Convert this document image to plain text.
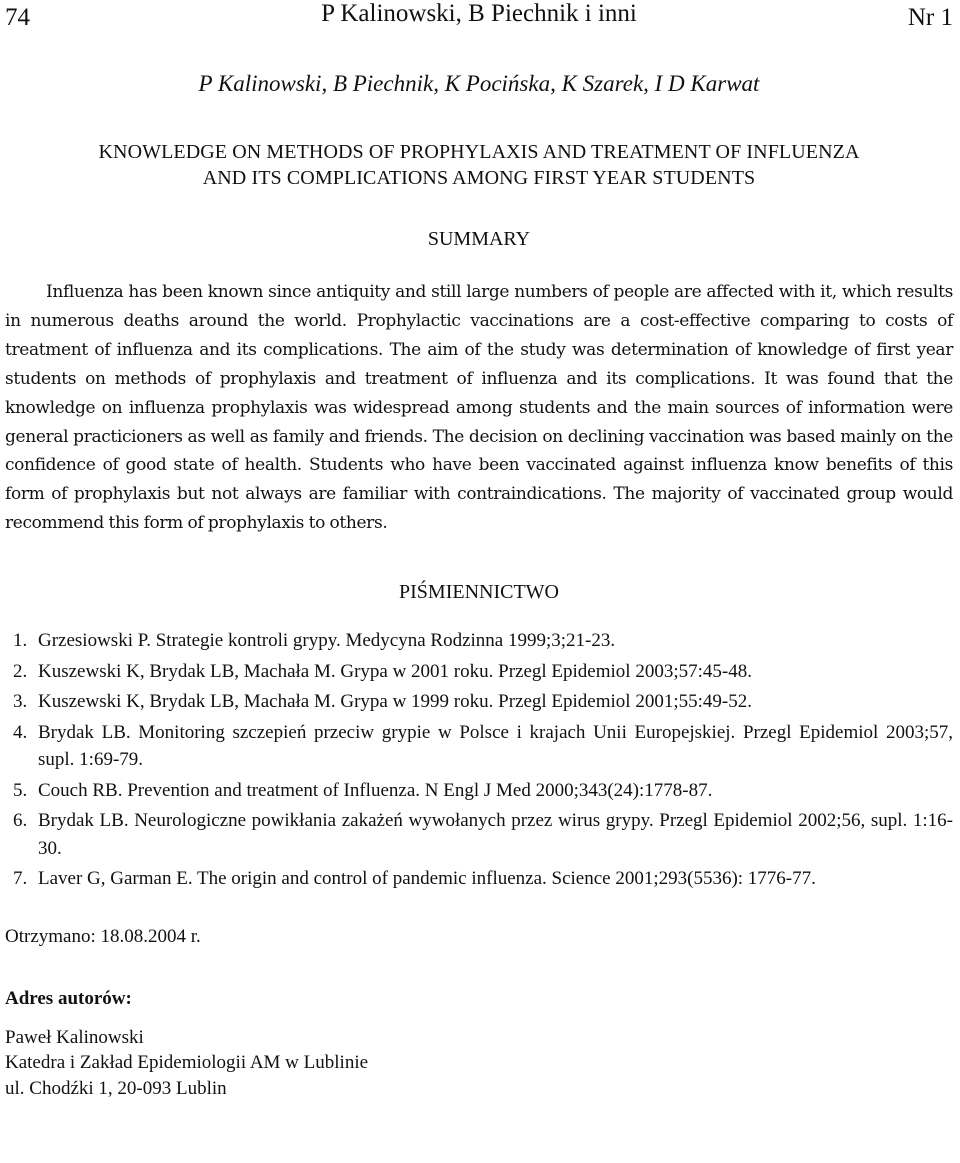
74	P Kalinowski, B Piechnik i inni	Nr 1
P Kalinowski, B Piechnik, K Pocińska, K Szarek, I D Karwat
KNOWLEDGE ON METHODS OF PROPHYLAXIS AND TREATMENT OF INFLUENZA
AND ITS COMPLICATIONS AMONG FIRST YEAR STUDENTS
SUMMARY

Influenza has been known since antiquity and still large numbers of people are affected with it, which results in numerous deaths around the world. Prophylactic vaccinations are a cost-effective comparing to costs of treatment of influenza and its complications. The aim of the study was determination of knowledge of first year students on methods of prophylaxis and treatment of influenza and its complications. It was found that the knowledge on influenza prophylaxis was widespread among students and the main sources of information were general practicioners as well as family and friends. The decision on declining vaccination was based mainly on the confidence of good state of health. Students who have been vaccinated against influenza know benefits of this form of prophylaxis but not always are familiar with contraindications. The majority of vaccinated group would recommend this form of prophylaxis to others.

PIŚMIENNICTWO
1. Grzesiowski P. Strategie kontroli grypy. Medycyna Rodzinna 1999;3;21-23.
2. Kuszewski K, Brydak LB, Machała M. Grypa w 2001 roku. Przegl Epidemiol 2003;57:45-48.
3. Kuszewski K, Brydak LB, Machała M. Grypa w 1999 roku. Przegl Epidemiol 2001;55:49-52.
4. Brydak LB. Monitoring szczepień przeciw grypie w Polsce i krajach Unii Europejskiej. Przegl Epidemiol 2003;57, supl. 1:69-79.
5. Couch RB. Prevention and treatment of Influenza. N Engl J Med 2000;343(24):1778-87.
6. Brydak LB. Neurologiczne powikłania zakażeń wywołanych przez wirus grypy. Przegl Epidemiol 2002;56, supl. 1:16-30.
7. Laver G, Garman E. The origin and control of pandemic influenza. Science 2001;293(5536): 1776-77.
Otrzymano: 18.08.2004 r.
Adres autorów:
Paweł Kalinowski
Katedra i Zakład Epidemiologii AM w Lublinie
ul. Chodźki 1, 20-093 Lublin
